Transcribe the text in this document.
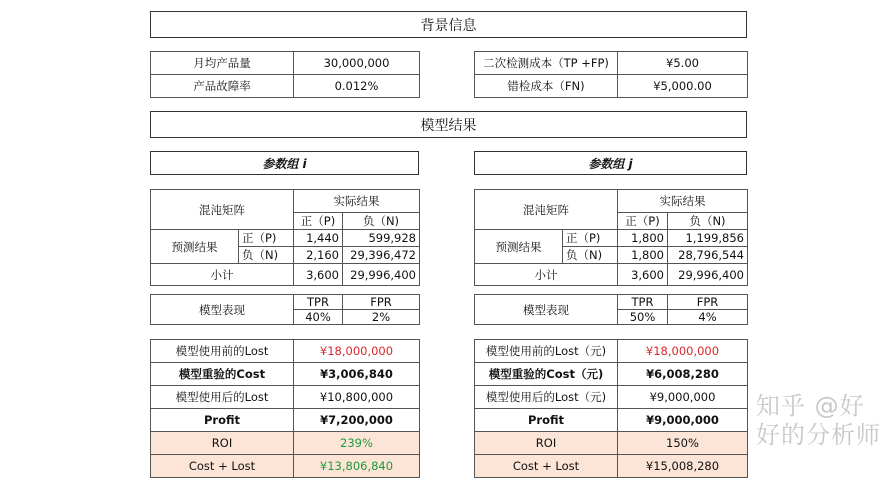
背景信息
月均产品量	30,000,000
产品故障率	0.012%
二次检测成本（TP +FP)	¥5.00
错检成本（FN)	¥5,000.00
模型结果
参数组 i
混沌矩阵		实际结果	
		正（P)	负（N)
预测结果	正（P)	1,440	599,928
	负（N)	2,160	29,396,472
小计		3,600	29,996,400
模型表现	TPR	FPR
	40%	2%
模型使用前的Lost	¥18,000,000
模型重验的Cost	¥3,006,840
模型使用后的Lost	¥10,800,000
Profit	¥7,200,000
ROI	239%
Cost + Lost	¥13,806,840
参数组 j
混沌矩阵		实际结果	
		正（P)	负（N)
预测结果	正（P)	1,800	1,199,856
	负（N)	1,800	28,796,544
小计		3,600	29,996,400
模型表现	TPR	FPR
	50%	4%
模型使用前的Lost（元)	¥18,000,000
模型重验的Cost（元)	¥6,008,280
模型使用后的Lost（元)	¥9,000,000
Profit	¥9,000,000
ROI	150%
Cost + Lost	¥15,008,280
知乎 @好好的分析师
